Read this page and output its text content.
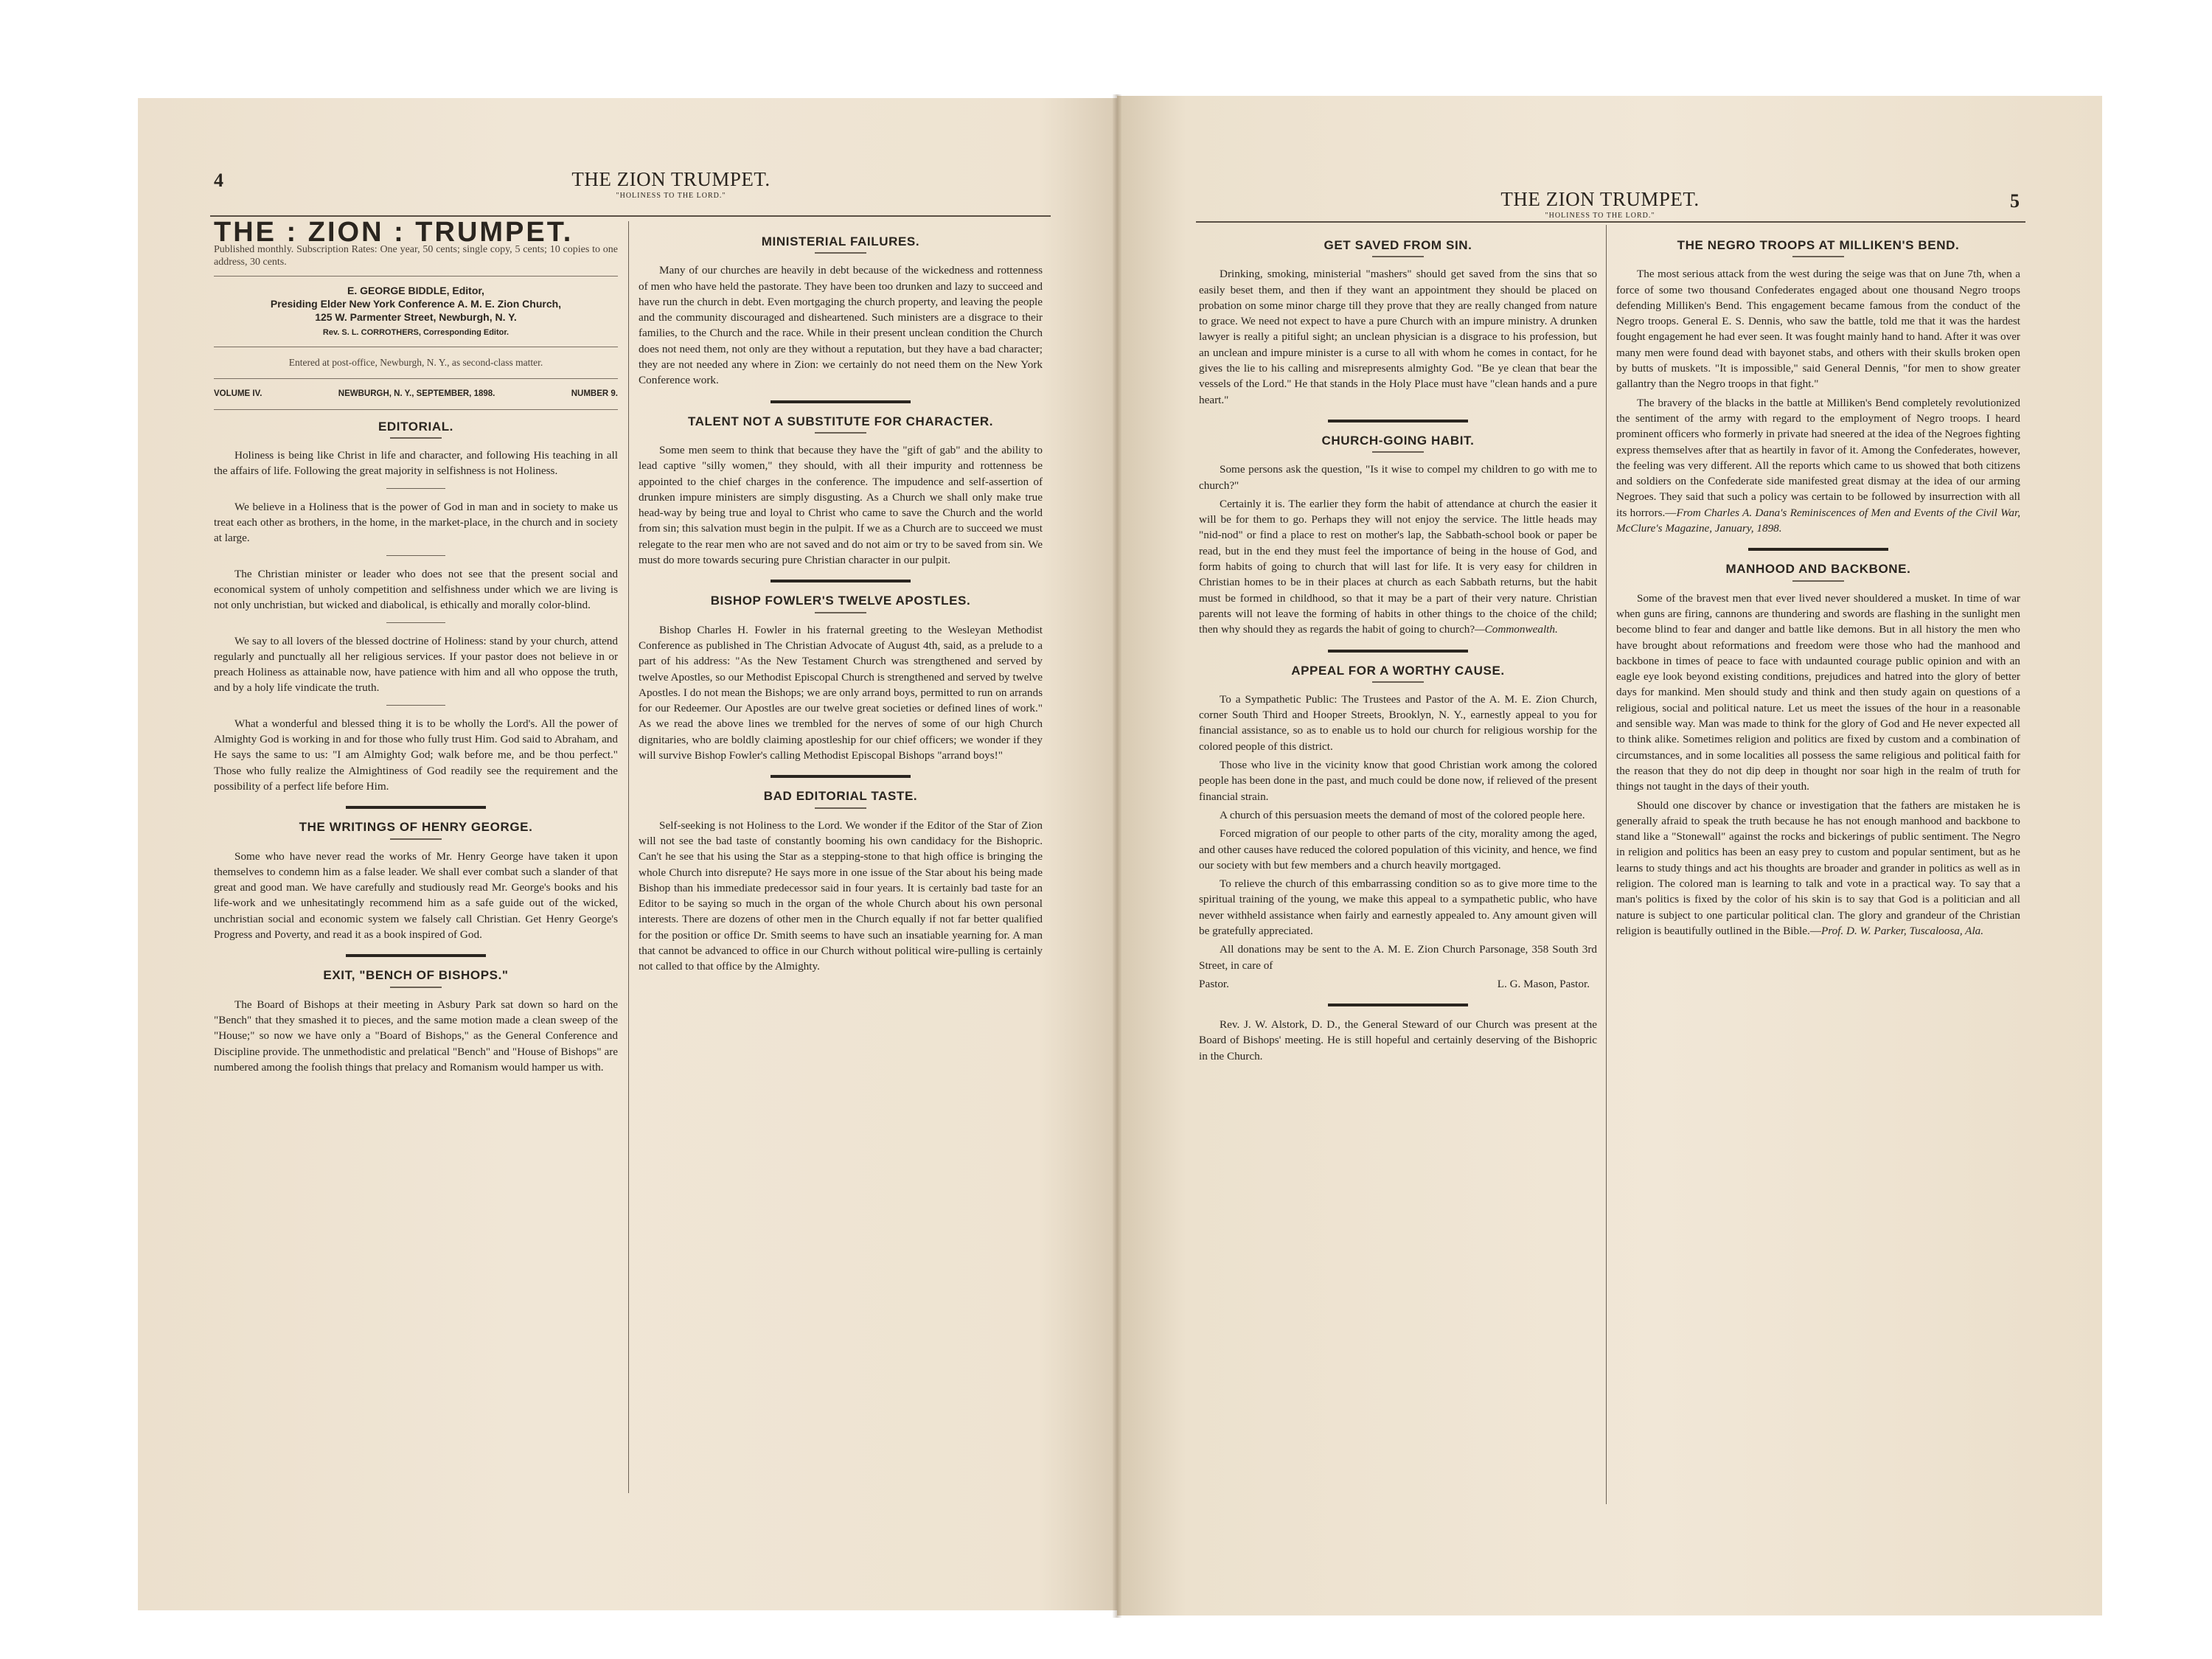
4	THE ZION TRUMPET.
"HOLINESS TO THE LORD."
THE : ZION : TRUMPET.
Published monthly. Subscription Rates: One year, 50 cents; single copy, 5 cents; 10 copies to one address, 30 cents.
E. GEORGE BIDDLE, Editor,
Presiding Elder New York Conference A. M. E. Zion Church,
125 W. Parmenter Street, Newburgh, N. Y.
Rev. S. L. CORROTHERS, Corresponding Editor.
Entered at post-office, Newburgh, N. Y., as second-class matter.
VOLUME IV.	NEWBURGH, N. Y., SEPTEMBER, 1898.	NUMBER 9.
EDITORIAL.

Holiness is being like Christ in life and character, and following His teaching in all the affairs of life. Following the great majority in selfishness is not Holiness.

We believe in a Holiness that is the power of God in man and in society to make us treat each other as brothers, in the home, in the market-place, in the church and in society at large.

The Christian minister or leader who does not see that the present social and economical system of unholy competition and selfishness under which we are living is not only unchristian, but wicked and diabolical, is ethically and morally color-blind.

We say to all lovers of the blessed doctrine of Holiness: stand by your church, attend regularly and punctually all her religious services. If your pastor does not believe in or preach Holiness as attainable now, have patience with him and all who oppose the truth, and by a holy life vindicate the truth.

What a wonderful and blessed thing it is to be wholly the Lord's. All the power of Almighty God is working in and for those who fully trust Him. God said to Abraham, and He says the same to us: "I am Almighty God; walk before me, and be thou perfect." Those who fully realize the Almightiness of God readily see the requirement and the possibility of a perfect life before Him.

THE WRITINGS OF HENRY GEORGE.

Some who have never read the works of Mr. Henry George have taken it upon themselves to condemn him as a false leader. We shall ever combat such a slander of that great and good man. We have carefully and studiously read Mr. George's books and his life-work and we unhesitatingly recommend him as a safe guide out of the wicked, unchristian social and economic system we falsely call Christian. Get Henry George's Progress and Poverty, and read it as a book inspired of God.

EXIT, "BENCH OF BISHOPS."

The Board of Bishops at their meeting in Asbury Park sat down so hard on the "Bench" that they smashed it to pieces, and the same motion made a clean sweep of the "House;" so now we have only a "Board of Bishops," as the General Conference and Discipline provide. The unmethodistic and prelatical "Bench" and "House of Bishops" are numbered among the foolish things that prelacy and Romanism would hamper us with.

MINISTERIAL FAILURES.

Many of our churches are heavily in debt because of the wickedness and rottenness of men who have held the pastorate. They have been too drunken and lazy to succeed and have run the church in debt. Even mortgaging the church property, and leaving the people and the community discouraged and disheartened. Such ministers are a disgrace to their families, to the Church and the race. While in their present unclean condition the Church does not need them, not only are they without a reputation, but they have a bad character; they are not needed any where in Zion: we certainly do not need them on the New York Conference work.

TALENT NOT A SUBSTITUTE FOR CHARACTER.

Some men seem to think that because they have the "gift of gab" and the ability to lead captive "silly women," they should, with all their impurity and rottenness be appointed to the chief charges in the conference. The impudence and self-assertion of drunken impure ministers are simply disgusting. As a Church we shall only make true head-way by being true and loyal to Christ who came to save the Church and the world from sin; this salvation must begin in the pulpit. If we as a Church are to succeed we must relegate to the rear men who are not saved and do not aim or try to be saved from sin. We must do more towards securing pure Christian character in our pulpit.

BISHOP FOWLER'S TWELVE APOSTLES.

Bishop Charles H. Fowler in his fraternal greeting to the Wesleyan Methodist Conference as published in The Christian Advocate of August 4th, said, as a prelude to a part of his address: "As the New Testament Church was strengthened and served by twelve Apostles, so our Methodist Episcopal Church is strengthened and served by twelve Apostles. I do not mean the Bishops; we are only arrand boys, permitted to run on arrands for our Redeemer. Our Apostles are our twelve great societies or defined lines of work." As we read the above lines we trembled for the nerves of some of our high Church dignitaries, who are boldly claiming apostleship for our chief officers; we wonder if they will survive Bishop Fowler's calling Methodist Episcopal Bishops "arrand boys!"

BAD EDITORIAL TASTE.

Self-seeking is not Holiness to the Lord. We wonder if the Editor of the Star of Zion will not see the bad taste of constantly booming his own candidacy for the Bishopric. Can't he see that his using the Star as a stepping-stone to that high office is bringing the whole Church into disrepute? He says more in one issue of the Star about his being made Bishop than his immediate predecessor said in four years. It is certainly bad taste for an Editor to be saying so much in the organ of the whole Church about his own personal interests. There are dozens of other men in the Church equally if not far better qualified for the position or office Dr. Smith seems to have such an insatiable yearning for. A man that cannot be advanced to office in our Church without political wire-pulling is certainly not called to that office by the Almighty.

THE ZION TRUMPET.
"HOLINESS TO THE LORD."
5
GET SAVED FROM SIN.

Drinking, smoking, ministerial "mashers" should get saved from the sins that so easily beset them, and then if they want an appointment they should be placed on probation on some minor charge till they prove that they are really changed from nature to grace. We need not expect to have a pure Church with an impure ministry. A drunken lawyer is really a pitiful sight; an unclean physician is a disgrace to his profession, but an unclean and impure minister is a curse to all with whom he comes in contact, for he gives the lie to his calling and misrepresents almighty God. "Be ye clean that bear the vessels of the Lord." He that stands in the Holy Place must have "clean hands and a pure heart."

CHURCH-GOING HABIT.

Some persons ask the question, "Is it wise to compel my children to go with me to church?"

Certainly it is. The earlier they form the habit of attendance at church the easier it will be for them to go. Perhaps they will not enjoy the service. The little heads may "nid-nod" or find a place to rest on mother's lap, the Sabbath-school book or paper be read, but in the end they must feel the importance of being in the house of God, and form habits of going to church that will last for life. It is very easy for children in Christian homes to be in their places at church as each Sabbath returns, but the habit must be formed in childhood, so that it may be a part of their very nature. Christian parents will not leave the forming of habits in other things to the choice of the child; then why should they as regards the habit of going to church?—Commonwealth.

APPEAL FOR A WORTHY CAUSE.

To a Sympathetic Public: The Trustees and Pastor of the A. M. E. Zion Church, corner South Third and Hooper Streets, Brooklyn, N. Y., earnestly appeal to you for financial assistance, so as to enable us to hold our church for religious worship for the colored people of this district.

Those who live in the vicinity know that good Christian work among the colored people has been done in the past, and much could be done now, if relieved of the present financial strain.

A church of this persuasion meets the demand of most of the colored people here.

Forced migration of our people to other parts of the city, morality among the aged, and other causes have reduced the colored population of this vicinity, and hence, we find our society with but few members and a church heavily mortgaged.

To relieve the church of this embarrassing condition so as to give more time to the spiritual training of the young, we make this appeal to a sympathetic public, who have never withheld assistance when fairly and earnestly appealed to. Any amount given will be gratefully appreciated.

All donations may be sent to the A. M. E. Zion Church Parsonage, 358 South 3rd Street, in care of

Pastor.	L. G. Mason, Pastor.

Rev. J. W. Alstork, D. D., the General Steward of our Church was present at the Board of Bishops' meeting. He is still hopeful and certainly deserving of the Bishopric in the Church.

THE NEGRO TROOPS AT MILLIKEN'S BEND.

The most serious attack from the west during the seige was that on June 7th, when a force of some two thousand Confederates engaged about one thousand Negro troops defending Milliken's Bend. This engagement became famous from the conduct of the Negro troops. General E. S. Dennis, who saw the battle, told me that it was the hardest fought engagement he had ever seen. It was fought mainly hand to hand. After it was over many men were found dead with bayonet stabs, and others with their skulls broken open by butts of muskets. "It is impossible," said General Dennis, "for men to show greater gallantry than the Negro troops in that fight."

The bravery of the blacks in the battle at Milliken's Bend completely revolutionized the sentiment of the army with regard to the employment of Negro troops. I heard prominent officers who formerly in private had sneered at the idea of the Negroes fighting express themselves after that as heartily in favor of it. Among the Confederates, however, the feeling was very different. All the reports which came to us showed that both citizens and soldiers on the Confederate side manifested great dismay at the idea of our arming Negroes. They said that such a policy was certain to be followed by insurrection with all its horrors.—From Charles A. Dana's Reminiscences of Men and Events of the Civil War, McClure's Magazine, January, 1898.

MANHOOD AND BACKBONE.

Some of the bravest men that ever lived never shouldered a musket. In time of war when guns are firing, cannons are thundering and swords are flashing in the sunlight men become blind to fear and danger and battle like demons. But in all history the men who have brought about reformations and freedom were those who had the manhood and backbone in times of peace to face with undaunted courage public opinion and with an eagle eye look beyond existing conditions, prejudices and hatred into the glory of better days for mankind. Men should study and think and then study again on questions of a religious, social and political nature. Let us meet the issues of the hour in a reasonable and sensible way. Man was made to think for the glory of God and He never expected all to think alike. Sometimes religion and politics are fixed by custom and a combination of circumstances, and in some localities all possess the same religious and political faith for the reason that they do not dip deep in thought nor soar high in the realm of truth for things not taught in the days of their youth.

Should one discover by chance or investigation that the fathers are mistaken he is generally afraid to speak the truth because he has not enough manhood and backbone to stand like a "Stonewall" against the rocks and bickerings of public sentiment. The Negro in religion and politics has been an easy prey to custom and popular sentiment, but as he learns to study things and act his thoughts are broader and grander in politics as well as in religion. The colored man is learning to talk and vote in a practical way. To say that a man's politics is fixed by the color of his skin is to say that God is a politician and all nature is subject to one particular political clan. The glory and grandeur of the Christian religion is beautifully outlined in the Bible.—Prof. D. W. Parker, Tuscaloosa, Ala.
